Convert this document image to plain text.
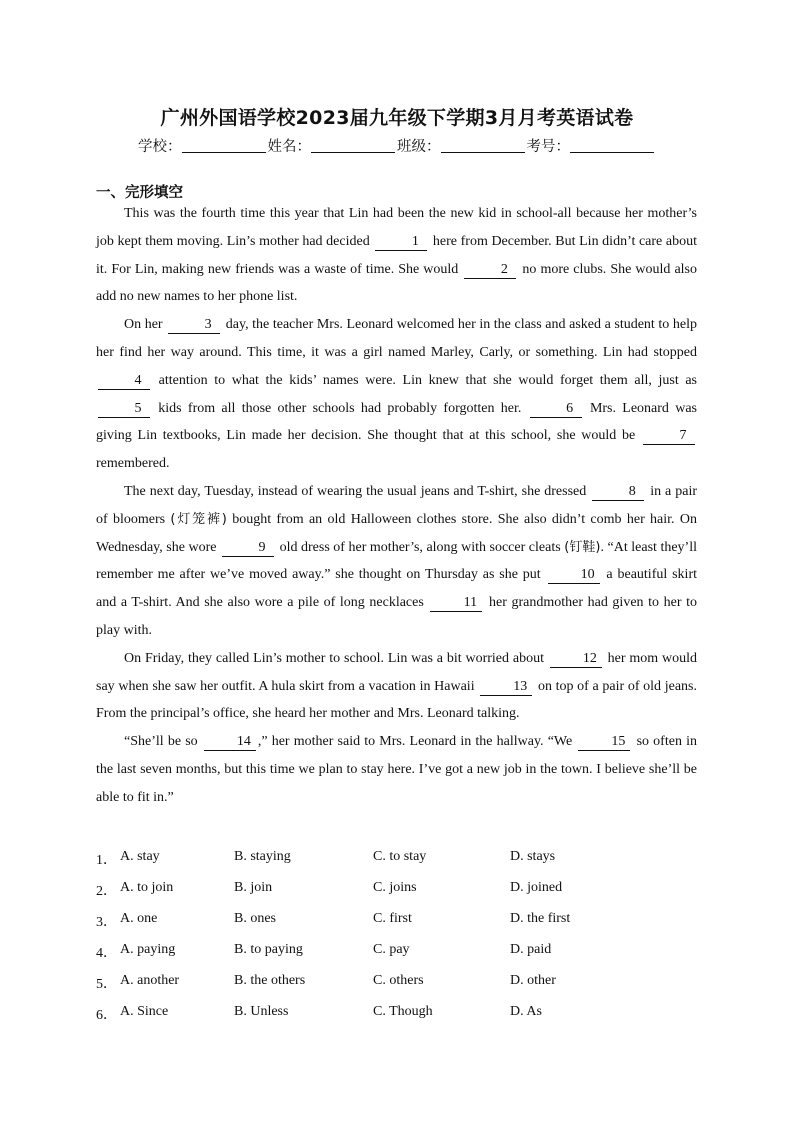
广州外国语学校2023届九年级下学期3月月考英语试卷
学校：	姓名：	班级：	考号：
一、完形填空

This was the fourth time this year that Lin had been the new kid in school-all because her mother’s job kept them moving. Lin’s mother had decided	1 here from December. But Lin didn’t care about it. For Lin, making new friends was a waste of time. She would	2 no more clubs. She would also add no new names to her phone list.

On her	3 day, the teacher Mrs. Leonard welcomed her in the class and asked a student to help her find her way around. This time, it was a girl named Marley, Carly, or something. Lin had stopped 4 attention to what the kids’ names were. Lin knew that she would forget them all, just as 5 kids from all those other schools had probably forgotten her.	6 Mrs. Leonard was giving Lin textbooks, Lin made her decision. She thought that at this school, she would be	7 remembered.

The next day, Tuesday, instead of wearing the usual jeans and T-shirt, she dressed	8 in a pair of bloomers (灯笼裤) bought from an old Halloween clothes store. She also didn’t comb her hair. On Wednesday, she wore	9 old dress of her mother’s, along with soccer cleats (钉鞋). “At least they’ll remember me after we’ve moved away.” she thought on Thursday as she put	10 a beautiful skirt and a T-shirt. And she also wore a pile of long necklaces	11 her grandmother had given to her to play with.

On Friday, they called Lin’s mother to school. Lin was a bit worried about	12 her mom would say when she saw her outfit. A hula skirt from a vacation in Hawaii	13 on top of a pair of old jeans. From the principal’s office, she heard her mother and Mrs. Leonard talking.

“She’ll be so	14 ,” her mother said to Mrs. Leonard in the hallway. “We	15 so often in the last seven months, but this time we plan to stay here. I’ve got a new job in the town. I believe she’ll be able to fit in.”

1． A. stay	B. staying	C. to stay	D. stays
2． A. to join	B. join	C. joins	D. joined
3． A. one	B. ones	C. first	D. the first
4． A. paying	B. to paying	C. pay	D. paid
5． A. another	B. the others	C. others	D. other
6． A. Since	B. Unless	C. Though	D. As
